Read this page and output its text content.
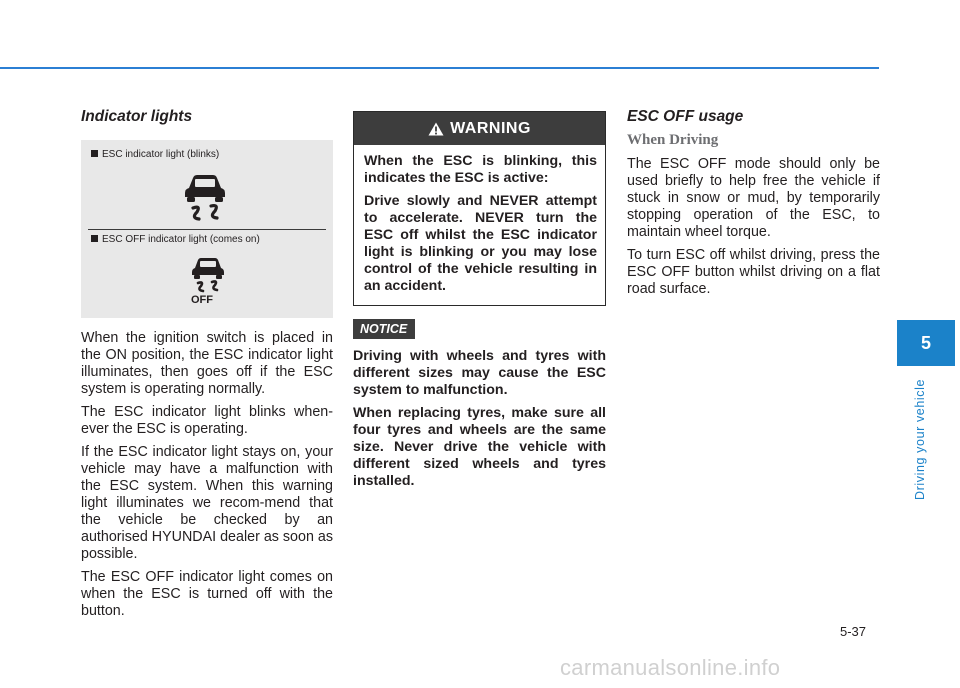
Indicator lights
ESC indicator light (blinks)
ESC OFF indicator light (comes on)
OFF

When the ignition switch is placed in the ON position, the ESC indicator light illuminates, then goes off if the ESC system is operating normally.

The ESC indicator light blinks when-ever the ESC is operating.

If the ESC indicator light stays on, your vehicle may have a malfunction with the ESC system. When this warning light illuminates we recom-mend that the vehicle be checked by an authorised HYUNDAI dealer as soon as possible.

The ESC OFF indicator light comes on when the ESC is turned off with the button.

WARNING

When the ESC is blinking, this indicates the ESC is active:

Drive slowly and NEVER attempt to accelerate. NEVER turn the ESC off whilst the ESC indicator light is blinking or you may lose control of the vehicle resulting in an accident.

NOTICE

Driving with wheels and tyres with different sizes may cause the ESC system to malfunction.

When replacing tyres, make sure all four tyres and wheels are the same size. Never drive the vehicle with different sized wheels and tyres installed.

ESC OFF usage
When Driving

The ESC OFF mode should only be used briefly to help free the vehicle if stuck in snow or mud, by temporarily stopping operation of the ESC, to maintain wheel torque.

To turn ESC off whilst driving, press the ESC OFF button whilst driving on a flat road surface.

5
Driving your vehicle
5-37
carmanualsonline.info
